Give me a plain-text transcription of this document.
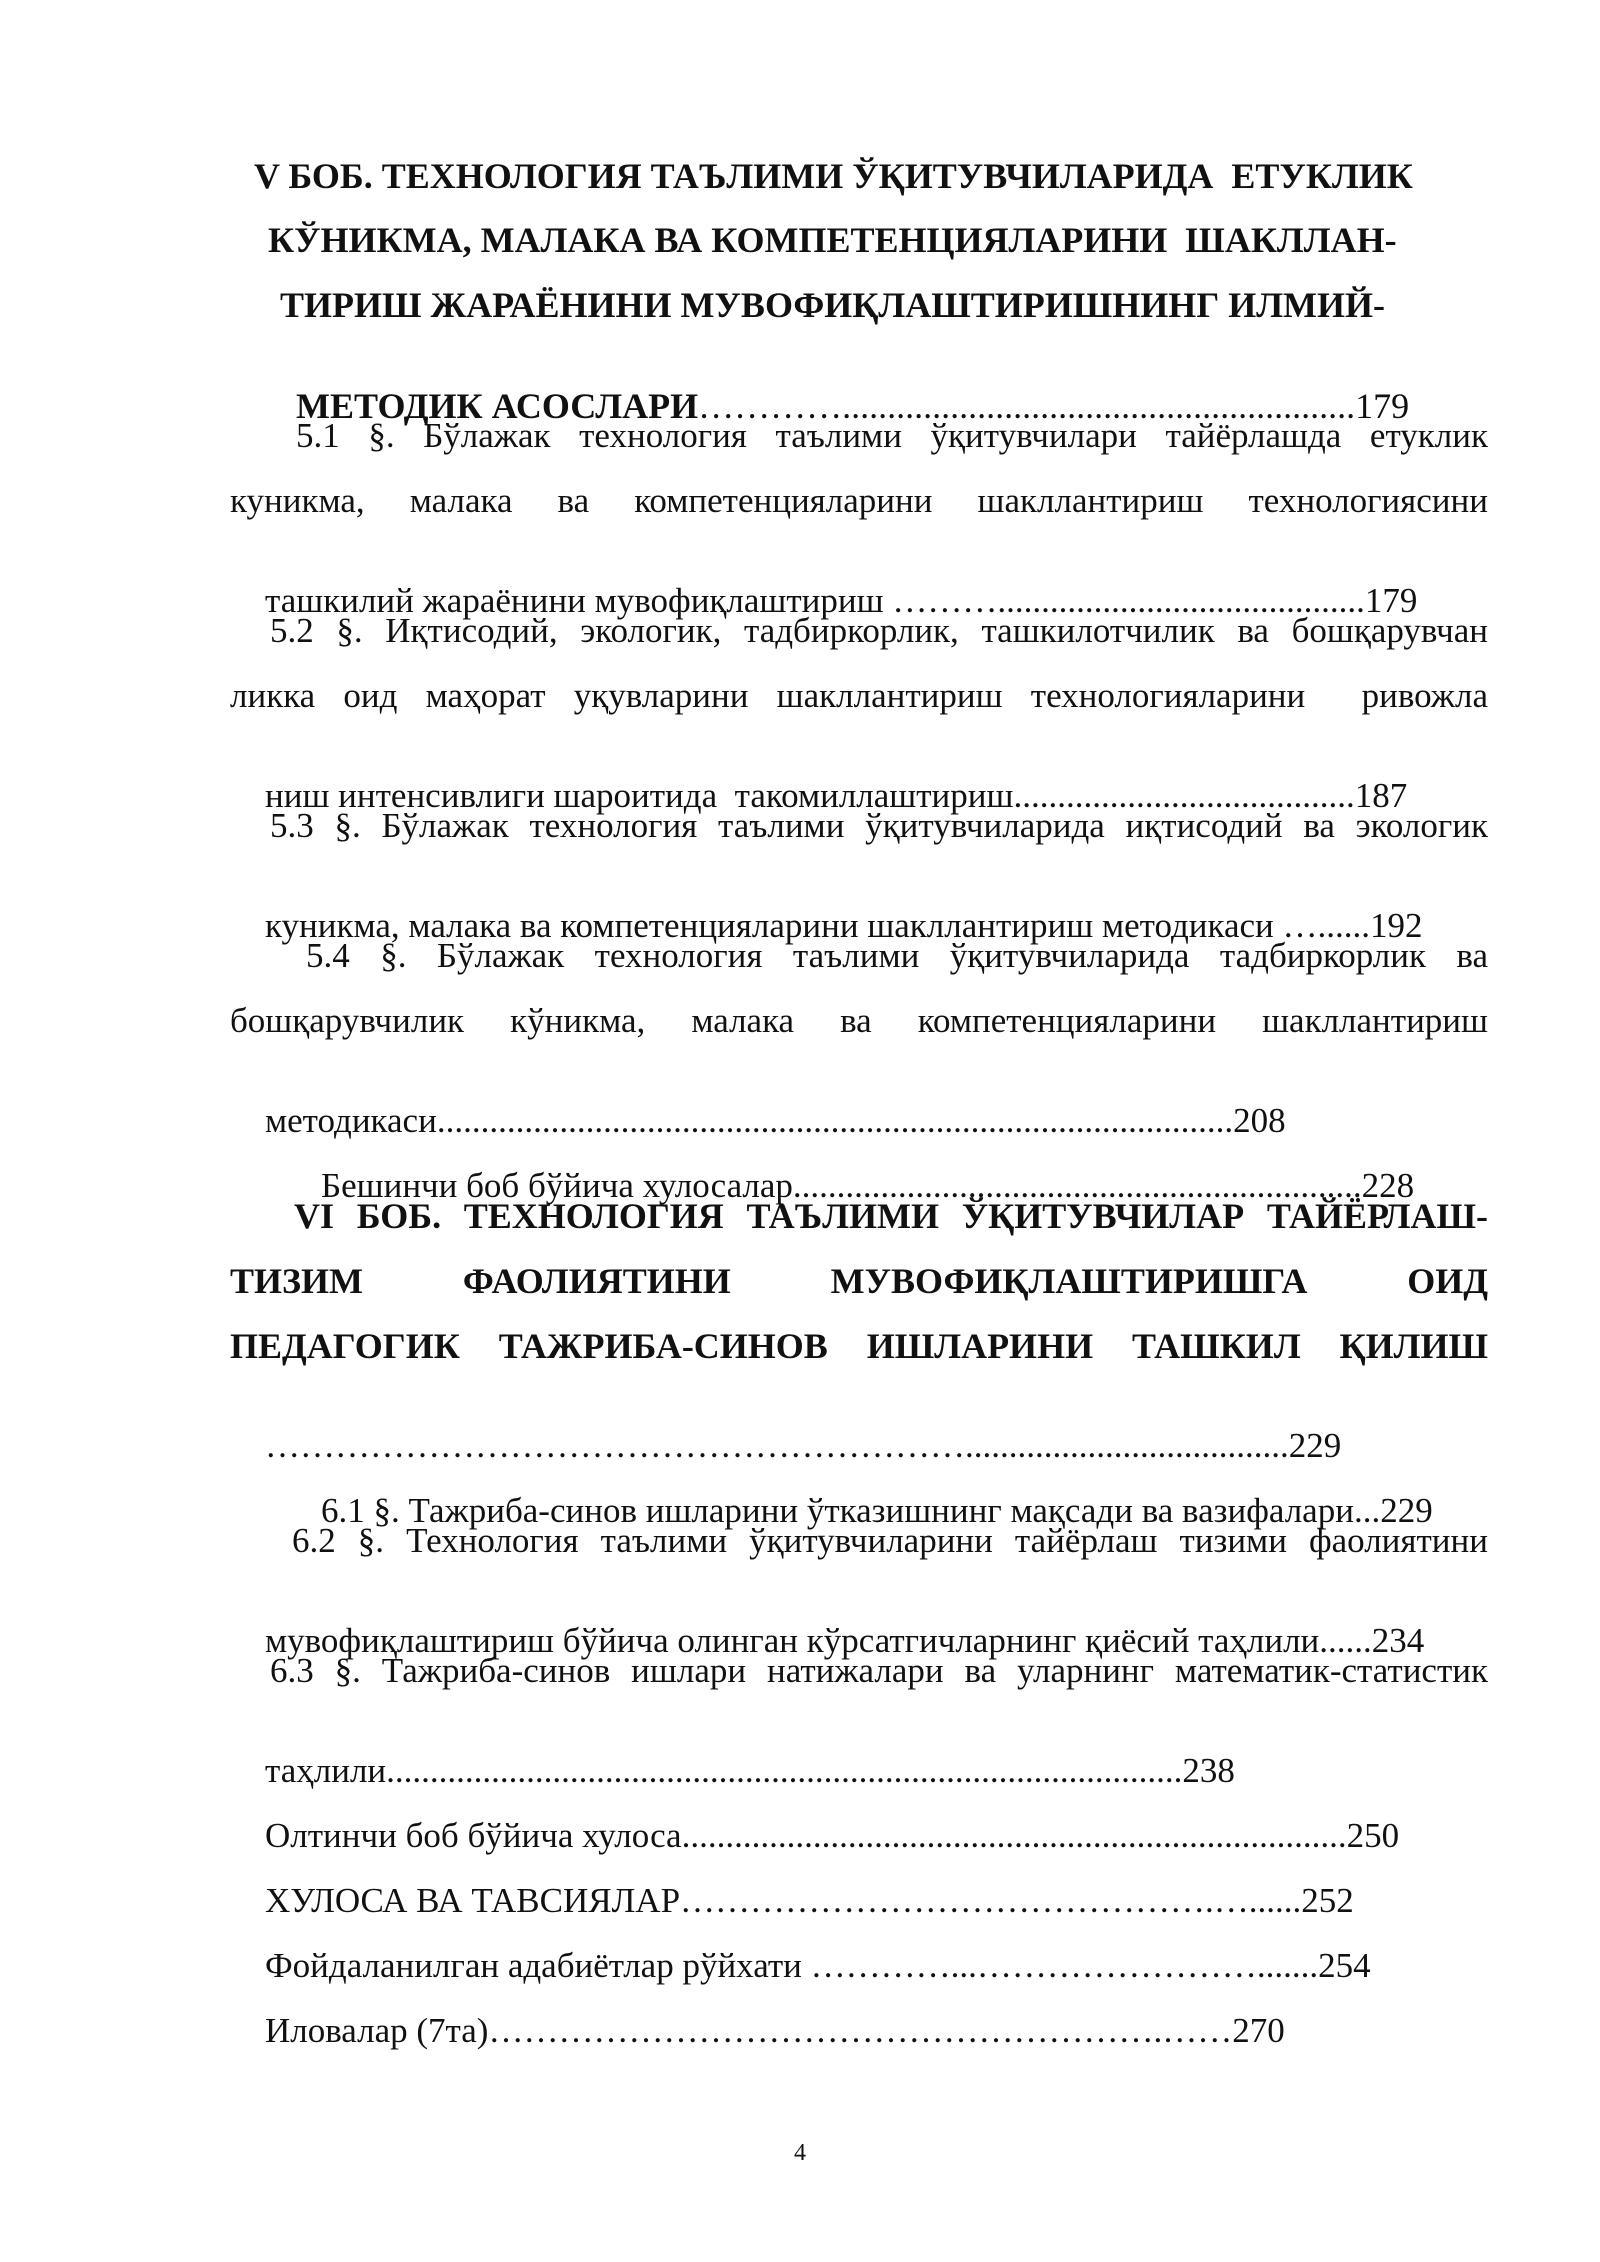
V БОБ. ТЕХНОЛОГИЯ ТАЪЛИМИ ЎҚИТУВЧИЛАРИДА  ЕТУКЛИК
КЎНИКМА, МАЛАКА ВА КОМПЕТЕНЦИЯЛАРИНИ  ШАКЛЛАН-
ТИРИШ ЖАРАЁНИНИ МУВОФИҚЛАШТИРИШНИНГ ИЛМИЙ-

МЕТОДИК АСОСЛАРИ………….........................................................179

5.1 §. Бўлажак технология таълими ўқитувчилари тайёрлашда етуклик
куникма, малака ва компетенцияларини шакллантириш технологиясини

ташкилий жараёнини мувофиқлаштириш ………..........................................179

5.2 §. Иқтисодий, экологик, тадбиркорлик, ташкилотчилик ва бошқарувчан
ликка оид маҳорат уқувларини шакллантириш технологияларини  ривожла

ниш интенсивлиги шароитида  такомиллаштириш.......................................187

5.3 §. Бўлажак технология таълими ўқитувчиларида иқтисодий ва экологик

куникма, малака ва компетенцияларини шакллантириш методикаси …......192

5.4 §. Бўлажак технология таълими ўқитувчиларида тадбиркорлик ва
бошқарувчилик кўникма, малака ва компетенцияларини шакллантириш

методикаси...........................................................................................208

Бешинчи боб бўйича хулосалар.................................................................228

VI БОБ. ТЕХНОЛОГИЯ ТАЪЛИМИ ЎҚИТУВЧИЛАР ТАЙЁРЛАШ-
ТИЗИМ ФАОЛИЯТИНИ МУВОФИҚЛАШТИРИШГА ОИД
ПЕДАГОГИК ТАЖРИБА-СИНОВ ИШЛАРИНИ ТАШКИЛ ҚИЛИШ

…………………………………………………….....................................229

6.1 §. Тажриба-синов ишларини ўтказишнинг мақсади ва вазифалари...229

6.2 §. Технология таълими ўқитувчиларини тайёрлаш тизими фаолиятини

мувофиқлаштириш бўйича олинган кўрсатгичларнинг қиёсий таҳлили......234

6.3 §. Тажриба-синов ишлари натижалари ва уларнинг математик-статистик

таҳлили...........................................................................................238

Олтинчи боб бўйича хулоса............................................................................250

ХУЛОСА ВА ТАВСИЯЛАР……………………………………….…......252

Фойдаланилган адабиётлар рўйхати …………...…………………….......254

Иловалар (7та)………………………………………………….……270

4
